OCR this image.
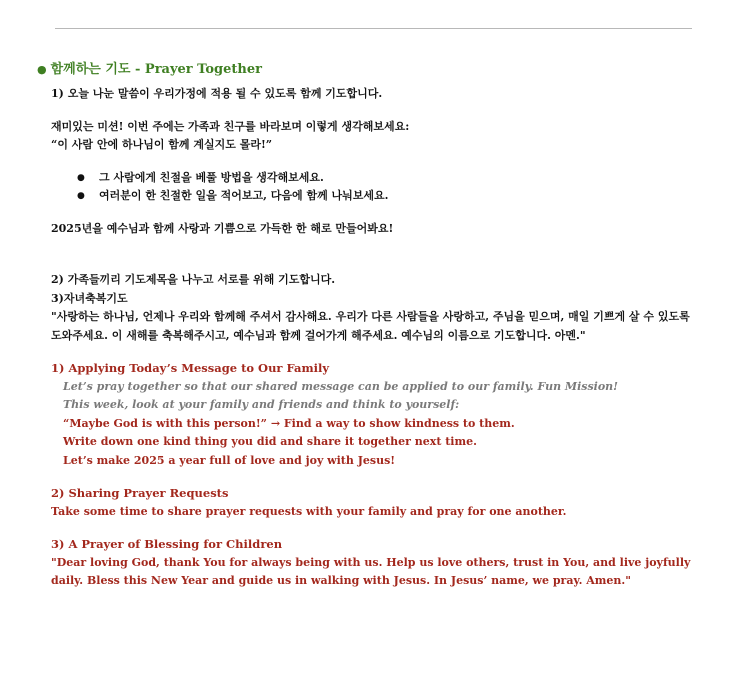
● 함께하는 기도 - Prayer Together

1) 오늘 나눈 말씀이 우리가정에 적용 될 수 있도록 함께 기도합니다.

재미있는 미션! 이번 주에는 가족과 친구를 바라보며 이렇게 생각해보세요:

“이 사람 안에 하나님이 함께 계실지도 몰라!”

● 그 사람에게 친절을 베풀 방법을 생각해보세요.
● 여러분이 한 친절한 일을 적어보고, 다음에 함께 나눠보세요.

2025년을 예수님과 함께 사랑과 기쁨으로 가득한 한 해로 만들어봐요!

2) 가족들끼리 기도제목을 나누고 서로를 위해 기도합니다.

3)자녀축복기도

"사랑하는 하나님, 언제나 우리와 함께해 주셔서 감사해요. 우리가 다른 사람들을 사랑하고, 주님을 믿으며, 매일 기쁘게 살 수 있도록 도와주세요. 이 새해를 축복해주시고, 예수님과 함께 걸어가게 해주세요. 예수님의 이름으로 기도합니다. 아멘."

1) Applying Today’s Message to Our Family

Let’s pray together so that our shared message can be applied to our family. Fun Mission!

This week, look at your family and friends and think to yourself:

“Maybe God is with this person!” → Find a way to show kindness to them.

Write down one kind thing you did and share it together next time.

Let’s make 2025 a year full of love and joy with Jesus!

2) Sharing Prayer Requests

Take some time to share prayer requests with your family and pray for one another.

3) A Prayer of Blessing for Children

"Dear loving God, thank You for always being with us. Help us love others, trust in You, and live joyfully daily. Bless this New Year and guide us in walking with Jesus. In Jesus’ name, we pray. Amen."
